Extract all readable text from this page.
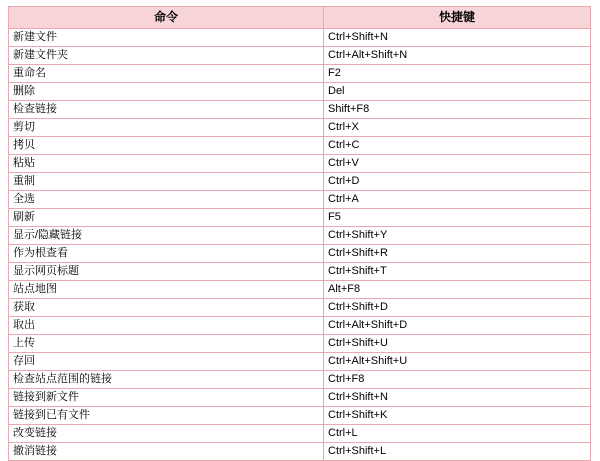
命令	快捷键
新建文件	Ctrl+Shift+N
新建文件夹	Ctrl+Alt+Shift+N
重命名	F2
删除	Del
检查链接	Shift+F8
剪切	Ctrl+X
拷贝	Ctrl+C
粘贴	Ctrl+V
重制	Ctrl+D
全选	Ctrl+A
刷新	F5
显示/隐藏链接	Ctrl+Shift+Y
作为根查看	Ctrl+Shift+R
显示网页标题	Ctrl+Shift+T
站点地图	Alt+F8
获取	Ctrl+Shift+D
取出	Ctrl+Alt+Shift+D
上传	Ctrl+Shift+U
存回	Ctrl+Alt+Shift+U
检查站点范围的链接	Ctrl+F8
链接到新文件	Ctrl+Shift+N
链接到已有文件	Ctrl+Shift+K
改变链接	Ctrl+L
撤消链接	Ctrl+Shift+L
